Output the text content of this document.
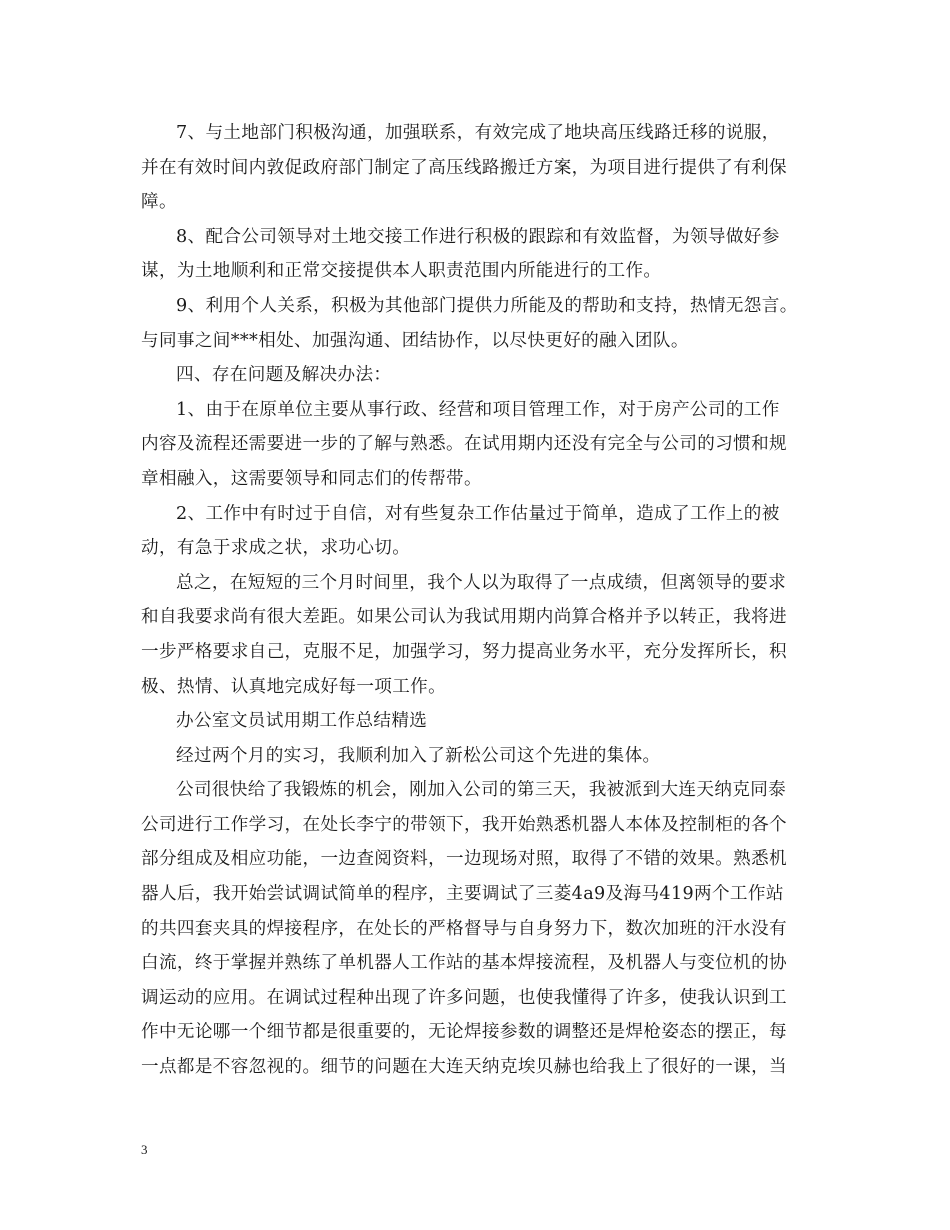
7、与土地部门积极沟通，加强联系，有效完成了地块高压线路迁移的说服，
并在有效时间内敦促政府部门制定了高压线路搬迁方案，为项目进行提供了有利保
障。
8、配合公司领导对土地交接工作进行积极的跟踪和有效监督，为领导做好参
谋，为土地顺利和正常交接提供本人职责范围内所能进行的工作。
9、利用个人关系，积极为其他部门提供力所能及的帮助和支持，热情无怨言。
与同事之间***相处、加强沟通、团结协作，以尽快更好的融入团队。
四、存在问题及解决办法：
1、由于在原单位主要从事行政、经营和项目管理工作，对于房产公司的工作
内容及流程还需要进一步的了解与熟悉。在试用期内还没有完全与公司的习惯和规
章相融入，这需要领导和同志们的传帮带。
2、工作中有时过于自信，对有些复杂工作估量过于简单，造成了工作上的被
动，有急于求成之状，求功心切。
总之，在短短的三个月时间里，我个人以为取得了一点成绩，但离领导的要求
和自我要求尚有很大差距。如果公司认为我试用期内尚算合格并予以转正，我将进
一步严格要求自己，克服不足，加强学习，努力提高业务水平，充分发挥所长，积
极、热情、认真地完成好每一项工作。
办公室文员试用期工作总结精选
经过两个月的实习，我顺利加入了新松公司这个先进的集体。
公司很快给了我锻炼的机会，刚加入公司的第三天，我被派到大连天纳克同泰
公司进行工作学习，在处长李宁的带领下，我开始熟悉机器人本体及控制柜的各个
部分组成及相应功能，一边查阅资料，一边现场对照，取得了不错的效果。熟悉机
器人后，我开始尝试调试简单的程序，主要调试了三菱4a9及海马419两个工作站
的共四套夹具的焊接程序，在处长的严格督导与自身努力下，数次加班的汗水没有
白流，终于掌握并熟练了单机器人工作站的基本焊接流程，及机器人与变位机的协
调运动的应用。在调试过程种出现了许多问题，也使我懂得了许多，使我认识到工
作中无论哪一个细节都是很重要的，无论焊接参数的调整还是焊枪姿态的摆正，每
一点都是不容忽视的。细节的问题在大连天纳克埃贝赫也给我上了很好的一课，当
3
